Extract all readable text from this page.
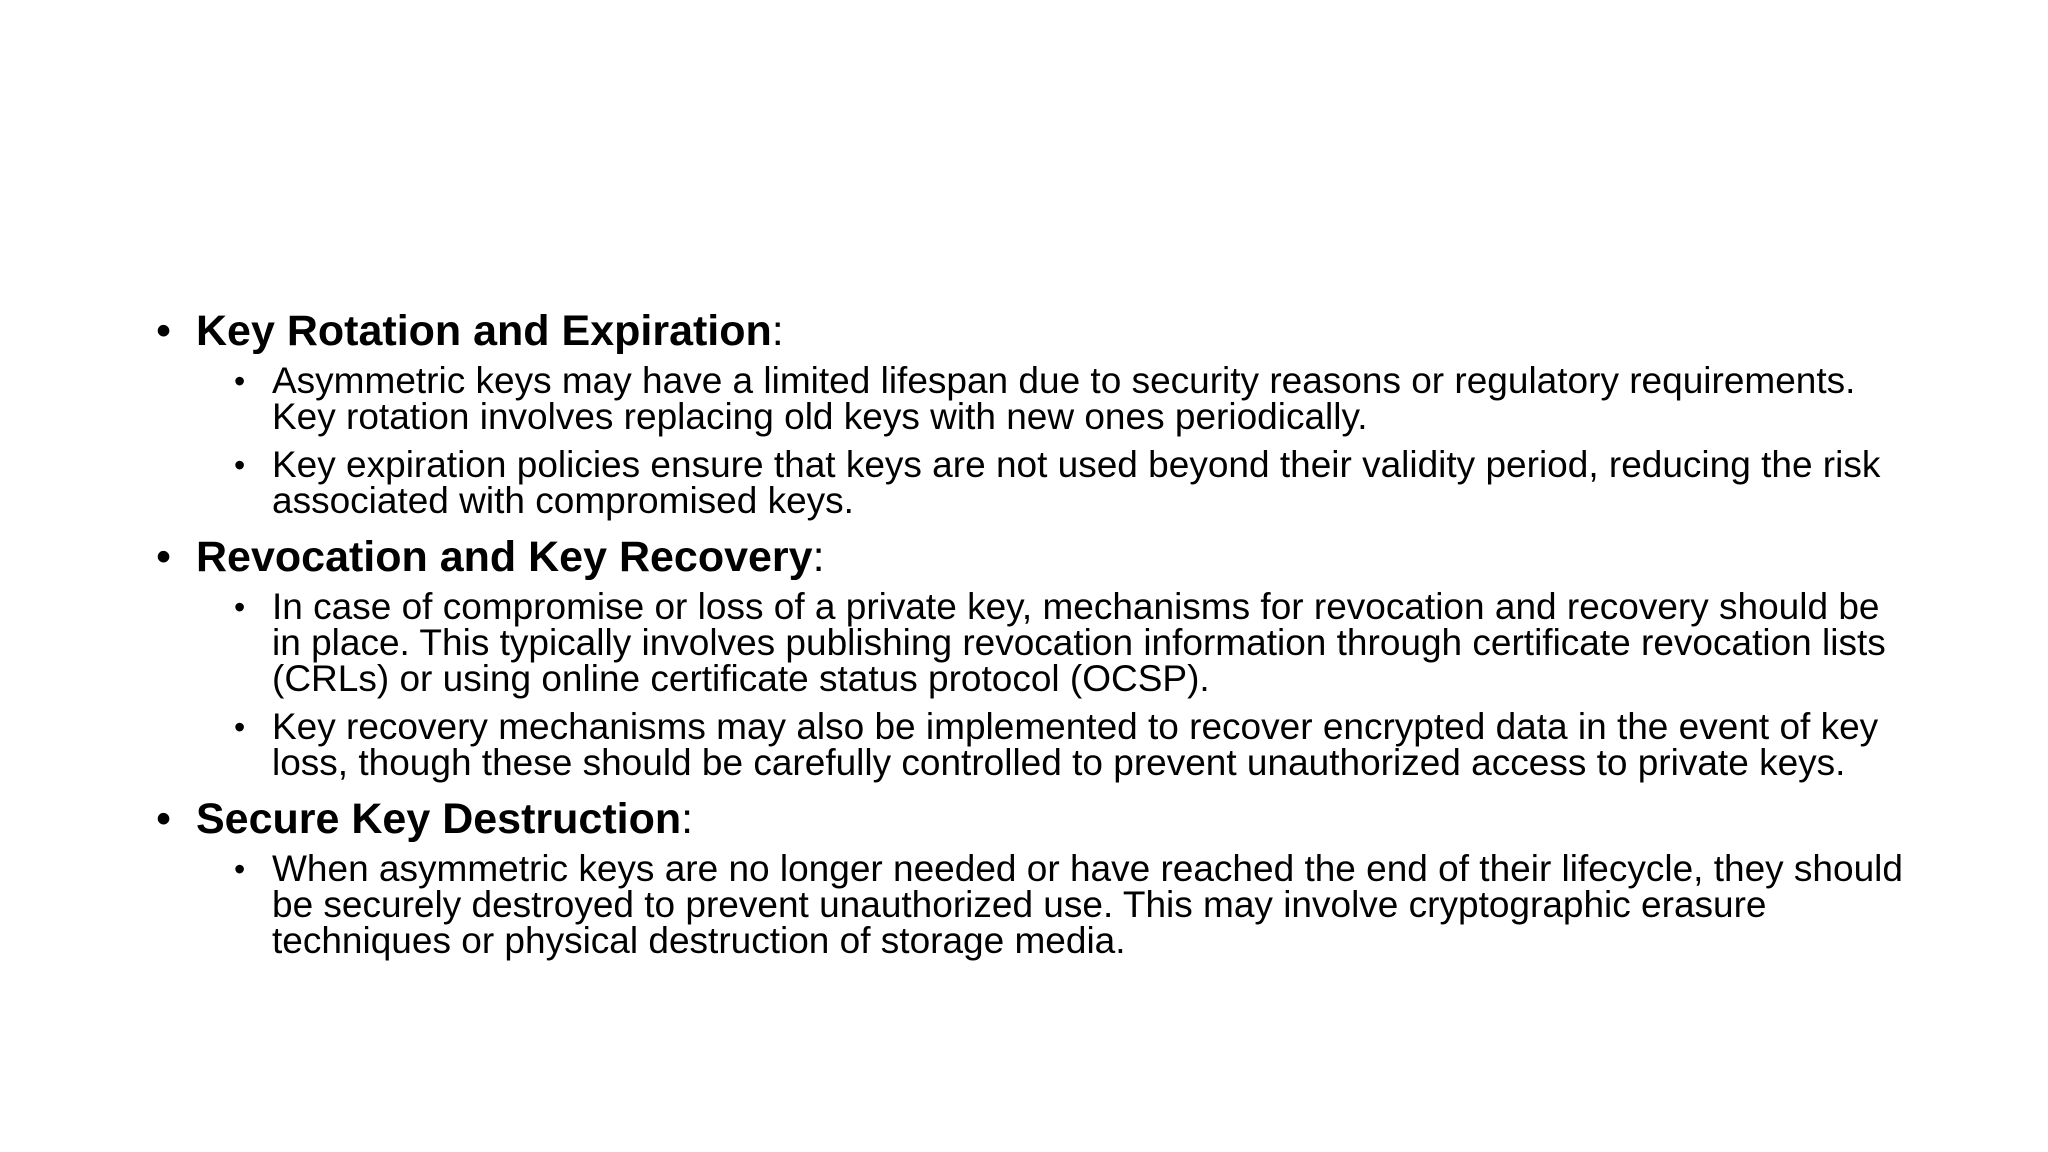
• Key Rotation and Expiration:
• Asymmetric keys may have a limited lifespan due to security reasons or regulatory requirements. Key rotation involves replacing old keys with new ones periodically.
• Key expiration policies ensure that keys are not used beyond their validity period, reducing the risk associated with compromised keys.
• Revocation and Key Recovery:
• In case of compromise or loss of a private key, mechanisms for revocation and recovery should be in place. This typically involves publishing revocation information through certificate revocation lists (CRLs) or using online certificate status protocol (OCSP).
• Key recovery mechanisms may also be implemented to recover encrypted data in the event of key loss, though these should be carefully controlled to prevent unauthorized access to private keys.
• Secure Key Destruction:
• When asymmetric keys are no longer needed or have reached the end of their lifecycle, they should be securely destroyed to prevent unauthorized use. This may involve cryptographic erasure techniques or physical destruction of storage media.
